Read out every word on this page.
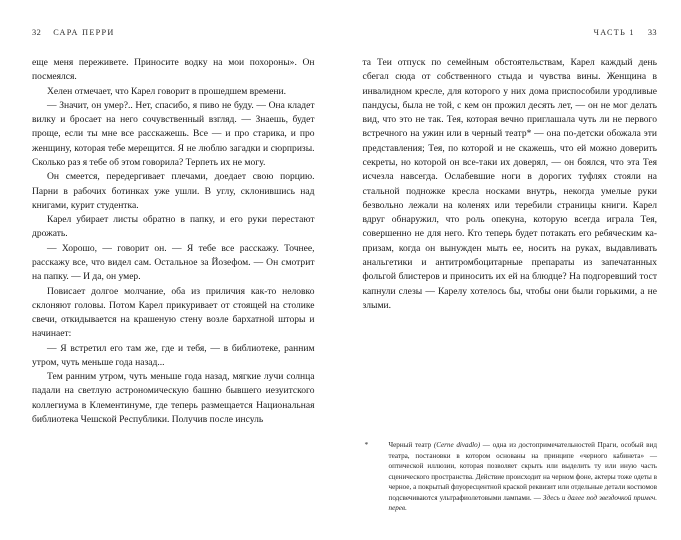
32 САРА ПЕРРИ

еще меня переживете. Приносите водку на мои похороны». Он посмеялся.

Хелен отмечает, что Карел говорит в прошедшем времени.

— Значит, он умер?.. Нет, спасибо, я пиво не буду. — Она кладет вилку и бросает на него сочувственный взгляд. — Знаешь, будет проще, если ты мне все расскажешь. Все — и про старика, и про женщину, которая тебе мерещится. Я не люблю загадки и сюрпризы. Сколько раз я тебе об этом говорила? Терпеть их не могу.

Он смеется, передергивает плечами, доедает свою порцию. Парни в рабочих ботинках уже ушли. В углу, склонившись над книгами, курит студентка.

Карел убирает листы обратно в папку, и его руки перестают дрожать.

— Хорошо, — говорит он. — Я тебе все расскажу. Точнее, расскажу все, что видел сам. Остальное за Йозефом. — Он смотрит на папку. — И да, он умер.

Повисает долгое молчание, оба из приличия как-то неловко склоняют головы. Потом Карел прикуривает от стоящей на столике свечи, откидывается на крашеную стену возле бархатной шторы и начинает:

— Я встретил его там же, где и тебя, — в библиотеке, ранним утром, чуть меньше года назад...

Тем ранним утром, чуть меньше года назад, мягкие лучи солнца падали на светлую астрономическую башню бывшего иезуитского коллегиума в Клементинуме, где теперь размещается Национальная библиотека Чешской Республики. Получив после инсуль

ЧАСТЬ 1 33

та Теи отпуск по семейным обстоятельствам, Карел каждый день сбегал сюда от собственного стыда и чувства вины. Женщина в инвалидном кресле, для которого у них дома приспособили уродливые пандусы, была не той, с кем он прожил десять лет, — он не мог делать вид, что это не так. Тея, которая вечно приглашала чуть ли не первого встречного на ужин или в черный театр* — она по-детски обожала эти представления; Тея, по которой и не скажешь, что ей можно доверить секреты, но которой он все-таки их доверял, — он боялся, что эта Тея исчезла навсегда. Ослабевшие ноги в дорогих туфлях стояли на стальной подножке кресла носками внутрь, некогда умелые руки безвольно лежали на коленях или теребили страницы книги. Карел вдруг обнаружил, что роль опекуна, которую всегда играла Тея, совершенно не для него. Кто теперь будет потакать его ребяческим капризам, когда он вынужден мыть ее, носить на руках, выдавливать анальгетики и антитромбоцитарные препараты из запечатанных фольгой блистеров и приносить их ей на блюдце? На подгоревший тост капнули слезы — Карелу хотелось бы, чтобы они были горькими, а не злыми.

*	Черный театр (Cerne divadlo) — одна из достопримечательностей Праги, особый вид театра, постановки в котором основаны на принципе «черного кабинета» — оптической иллюзии, которая позволяет скрыть или выделить ту или иную часть сценического пространства. Действие происходит на черном фоне, актеры тоже одеты в черное, а покрытый флуоресцентной краской реквизит или отдельные детали костюмов подсвечиваются ультрафиолетовыми лампами. — Здесь и далее под звездочкой примеч. перев.
